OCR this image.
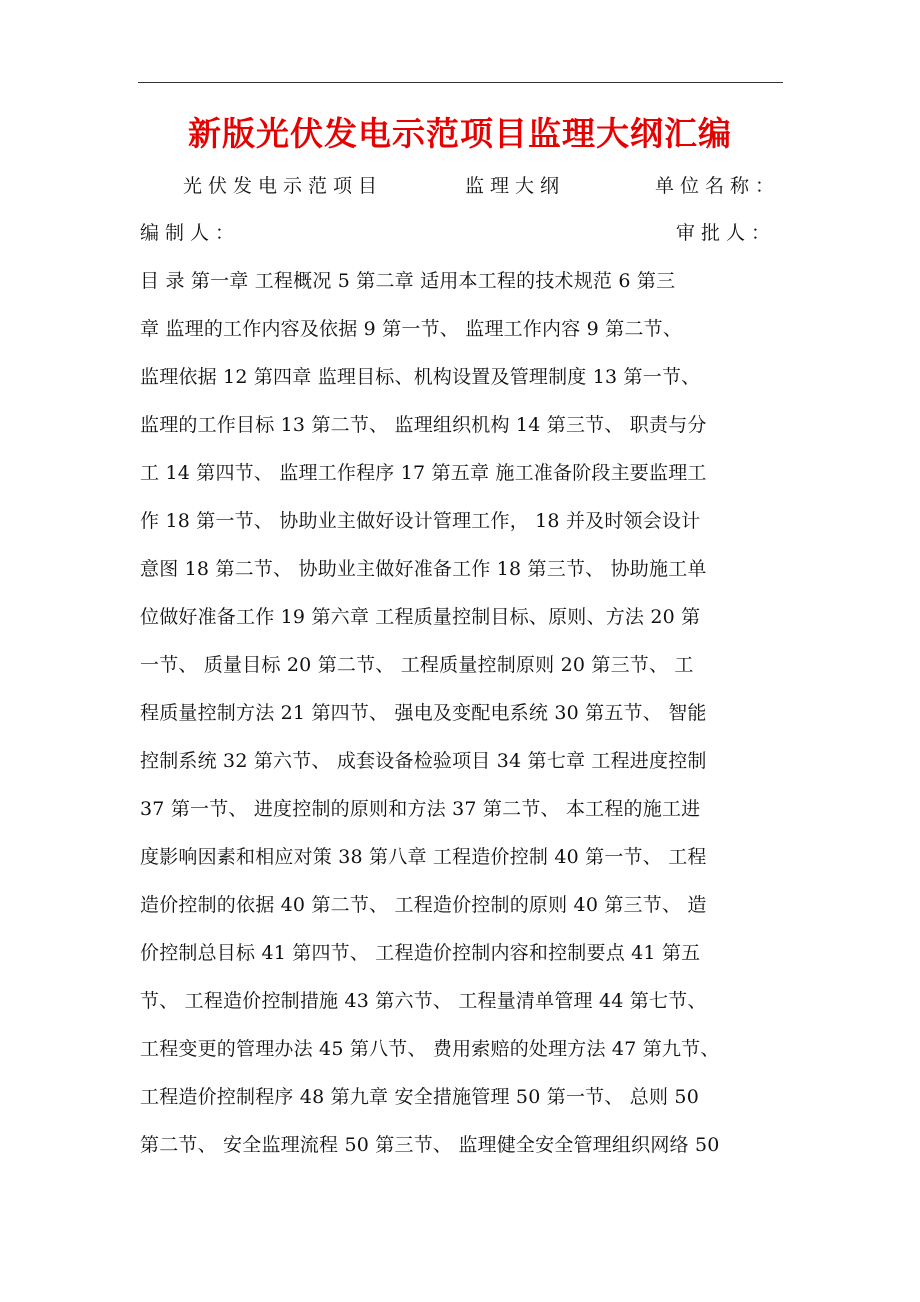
新版光伏发电示范项目监理大纲汇编
光伏发电示范项目	监理大纲	单位名称：
编制人：	审批人：
目 录 第一章 工程概况 5 第二章 适用本工程的技术规范 6 第三
章 监理的工作内容及依据 9 第一节、 监理工作内容 9 第二节、
监理依据 12 第四章 监理目标、机构设置及管理制度 13 第一节、
监理的工作目标 13 第二节、 监理组织机构 14 第三节、 职责与分
工 14 第四节、 监理工作程序 17 第五章 施工准备阶段主要监理工
作 18 第一节、 协助业主做好设计管理工作， 18 并及时领会设计
意图 18 第二节、 协助业主做好准备工作 18 第三节、 协助施工单
位做好准备工作 19 第六章 工程质量控制目标、原则、方法 20 第
一节、 质量目标 20 第二节、 工程质量控制原则 20 第三节、 工
程质量控制方法 21 第四节、 强电及变配电系统 30 第五节、 智能
控制系统 32 第六节、 成套设备检验项目 34 第七章 工程进度控制
37 第一节、 进度控制的原则和方法 37 第二节、 本工程的施工进
度影响因素和相应对策 38 第八章 工程造价控制 40 第一节、 工程
造价控制的依据 40 第二节、 工程造价控制的原则 40 第三节、 造
价控制总目标 41 第四节、 工程造价控制内容和控制要点 41 第五
节、 工程造价控制措施 43 第六节、 工程量清单管理 44 第七节、
工程变更的管理办法 45 第八节、 费用索赔的处理方法 47 第九节、
工程造价控制程序 48 第九章 安全措施管理 50 第一节、 总则 50
第二节、 安全监理流程 50 第三节、 监理健全安全管理组织网络 50
